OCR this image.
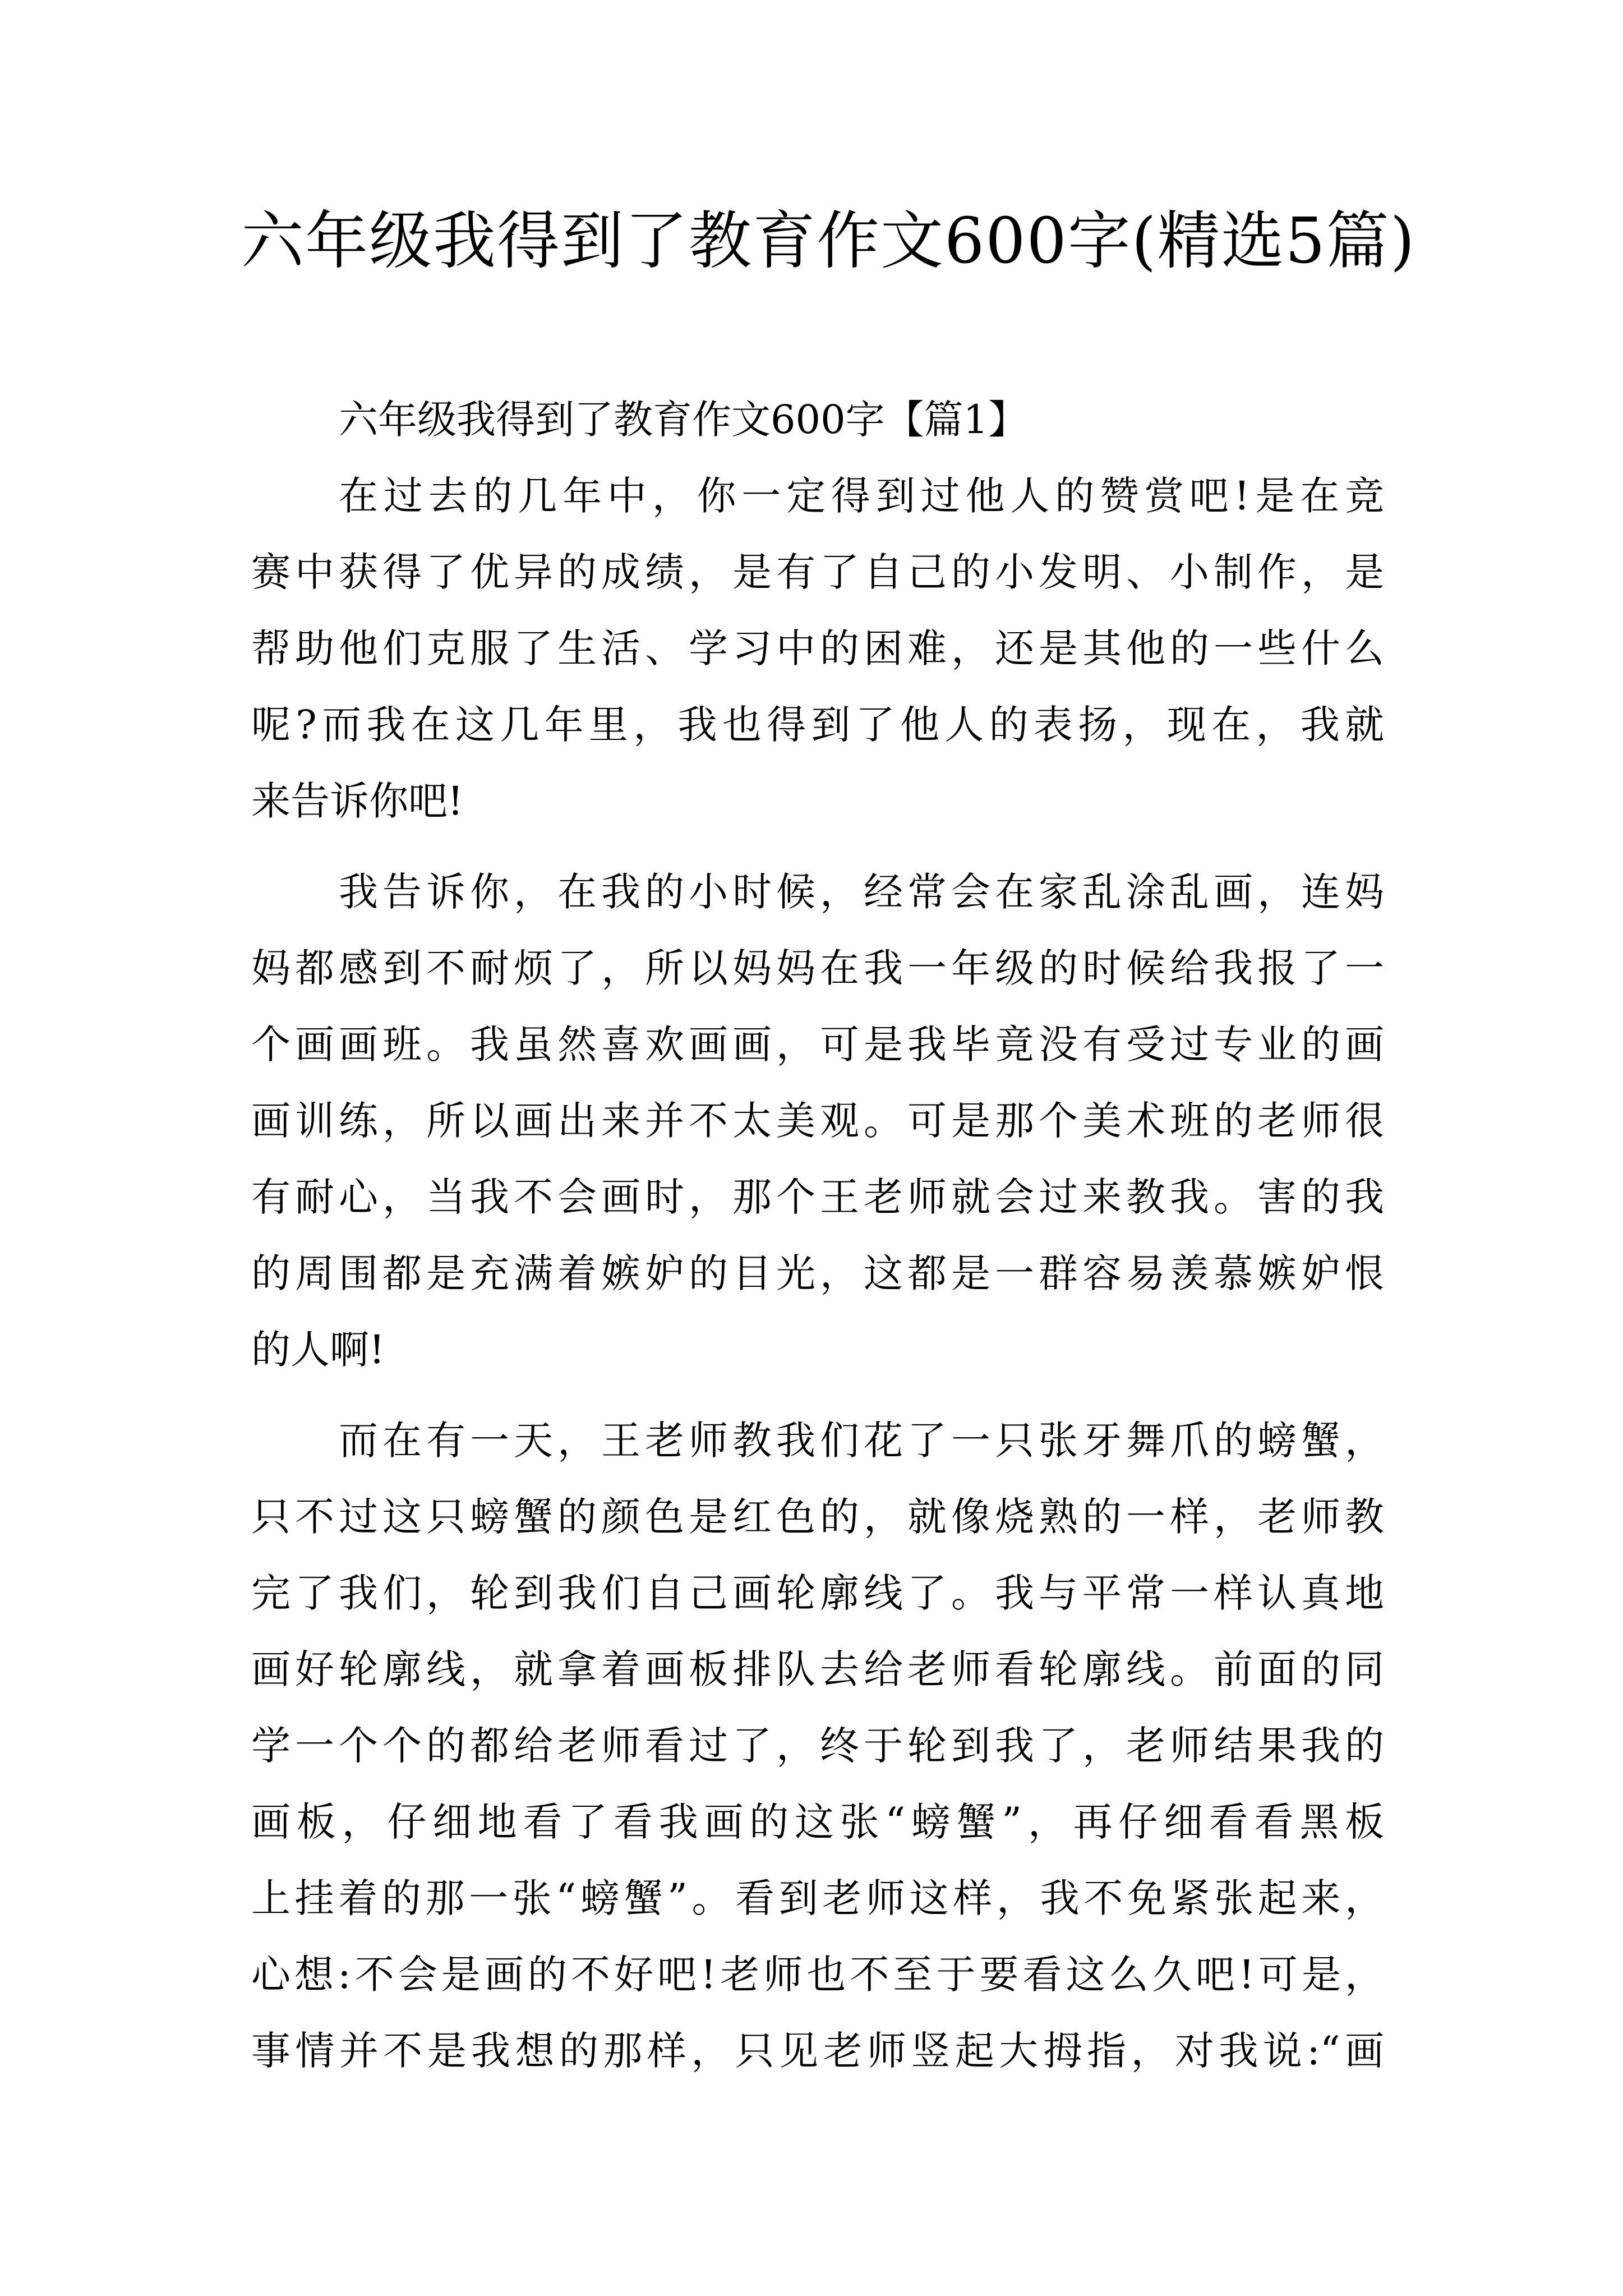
六年级我得到了教育作文600字(精选5篇)
六年级我得到了教育作文600字【篇1】
在过去的几年中，你一定得到过他人的赞赏吧!是在竞
赛中获得了优异的成绩，是有了自己的小发明、小制作，是
帮助他们克服了生活、学习中的困难，还是其他的一些什么
呢?而我在这几年里，我也得到了他人的表扬，现在，我就
来告诉你吧!
我告诉你，在我的小时候，经常会在家乱涂乱画，连妈
妈都感到不耐烦了，所以妈妈在我一年级的时候给我报了一
个画画班。我虽然喜欢画画，可是我毕竟没有受过专业的画
画训练，所以画出来并不太美观。可是那个美术班的老师很
有耐心，当我不会画时，那个王老师就会过来教我。害的我
的周围都是充满着嫉妒的目光，这都是一群容易羡慕嫉妒恨
的人啊!
而在有一天，王老师教我们花了一只张牙舞爪的螃蟹，
只不过这只螃蟹的颜色是红色的，就像烧熟的一样，老师教
完了我们，轮到我们自己画轮廓线了。我与平常一样认真地
画好轮廓线，就拿着画板排队去给老师看轮廓线。前面的同
学一个个的都给老师看过了，终于轮到我了，老师结果我的
画板，仔细地看了看我画的这张“螃蟹”，再仔细看看黑板
上挂着的那一张“螃蟹”。看到老师这样，我不免紧张起来，
心想:不会是画的不好吧!老师也不至于要看这么久吧!可是，
事情并不是我想的那样，只见老师竖起大拇指，对我说:“画
